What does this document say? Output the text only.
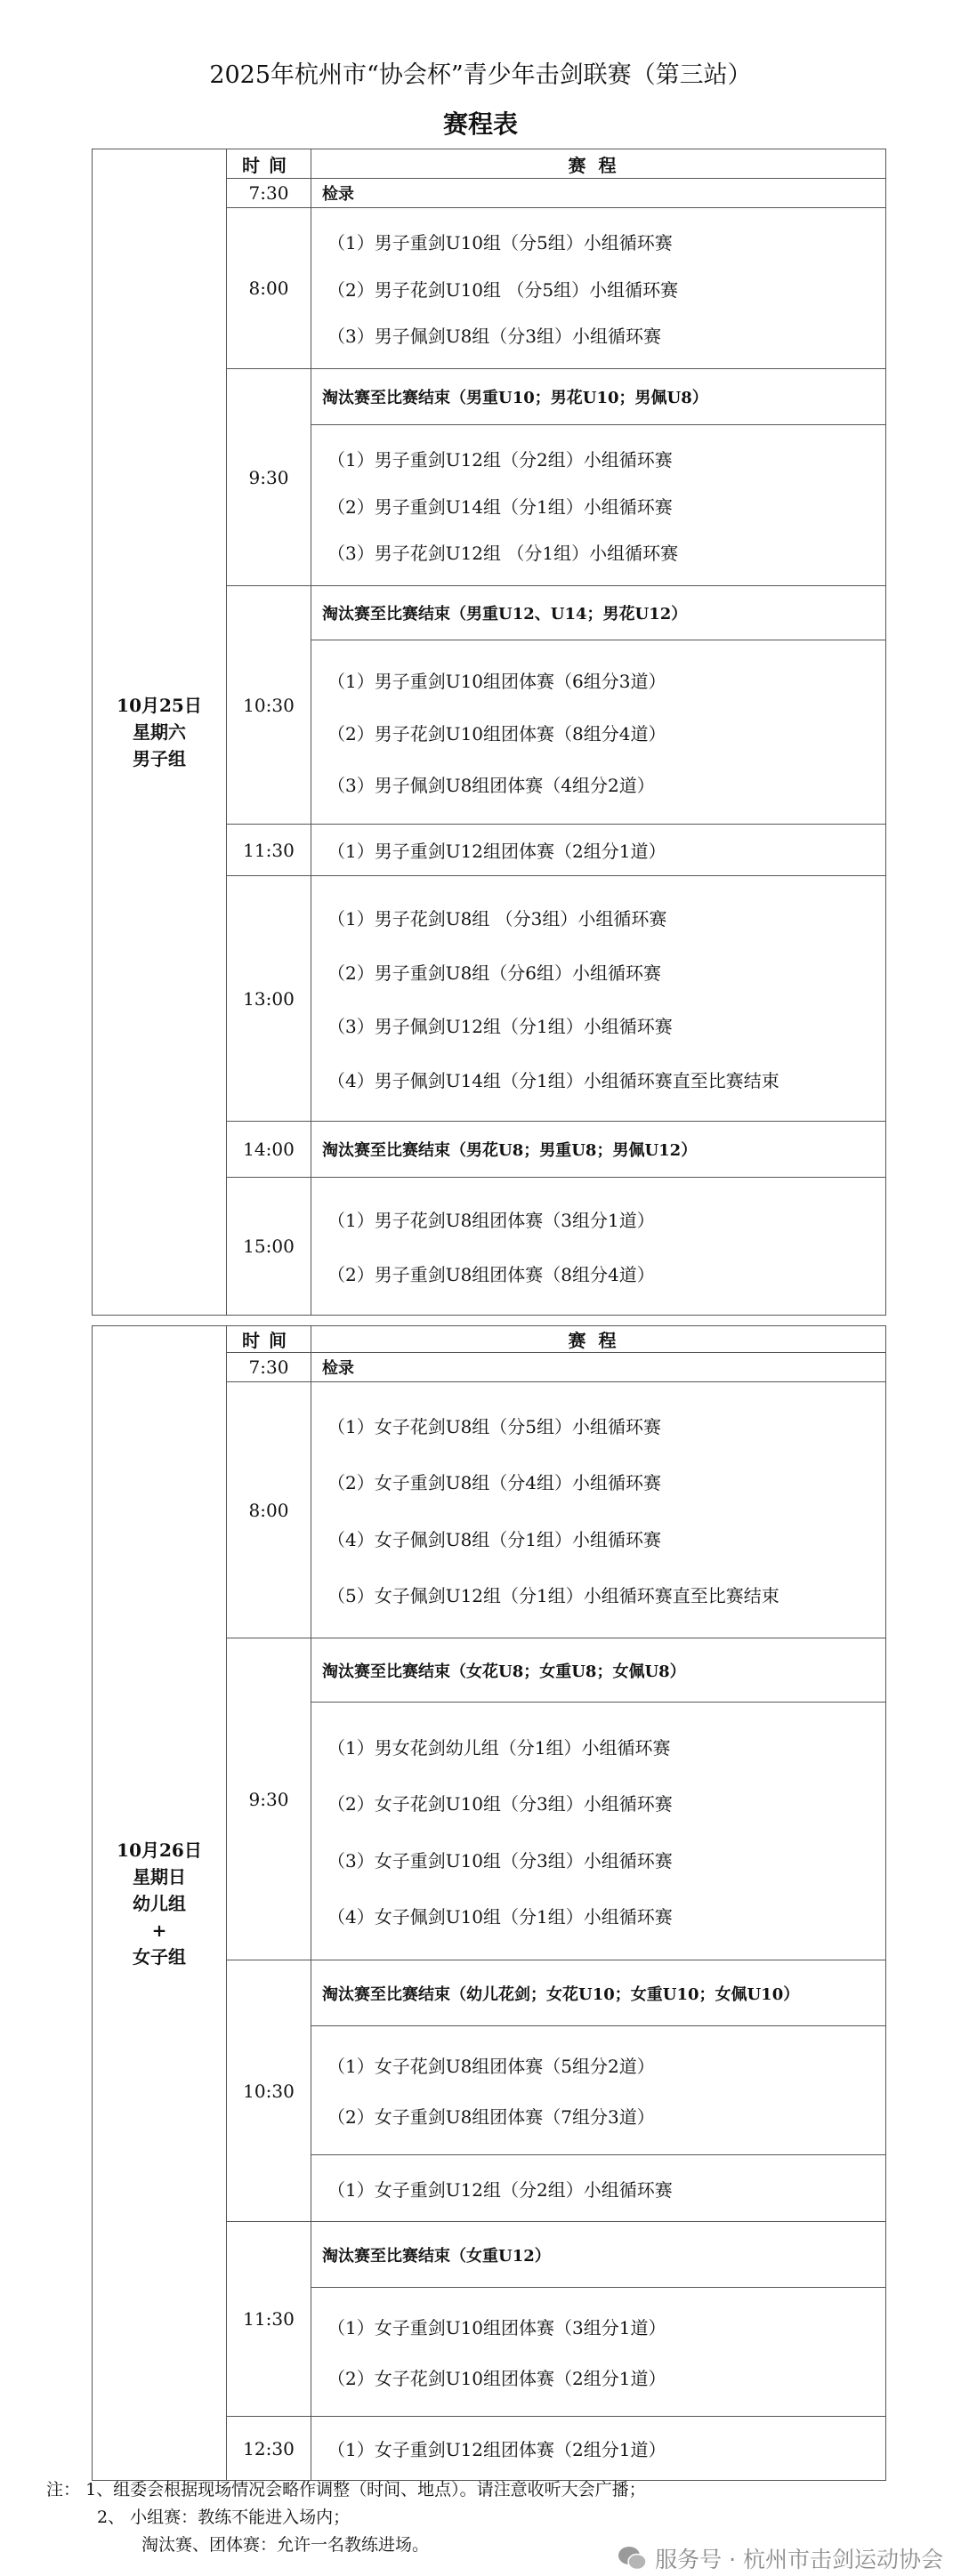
2025年杭州市“协会杯”青少年击剑联赛（第三站）
赛程表
10月25日
星期六
男子组	时间	赛程
	7:30	检录

	8:00	（1）男子重剑U10组（分5组）小组循环赛
（2）男子花剑U10组 （分5组）小组循环赛
（3）男子佩剑U8组（分3组）小组循环赛

	9:30	淘汰赛至比赛结束（男重U10；男花U10；男佩U8）

		（1）男子重剑U12组（分2组）小组循环赛
（2）男子重剑U14组（分1组）小组循环赛
（3）男子花剑U12组 （分1组）小组循环赛

	10:30	淘汰赛至比赛结束（男重U12、U14；男花U12）

		（1）男子重剑U10组团体赛（6组分3道）
（2）男子花剑U10组团体赛（8组分4道）
（3）男子佩剑U8组团体赛（4组分2道）

	11:30	（1）男子重剑U12组团体赛（2组分1道）

	13:00	（1）男子花剑U8组 （分3组）小组循环赛
（2）男子重剑U8组（分6组）小组循环赛
（3）男子佩剑U12组（分1组）小组循环赛
（4）男子佩剑U14组（分1组）小组循环赛直至比赛结束

	14:00	淘汰赛至比赛结束（男花U8；男重U8；男佩U12）

	15:00	（1）男子花剑U8组团体赛（3组分1道）
（2）男子重剑U8组团体赛（8组分4道）
10月26日
星期日
幼儿组
+
女子组	时间	赛程
	7:30	检录

	8:00	（1）女子花剑U8组（分5组）小组循环赛
（2）女子重剑U8组（分4组）小组循环赛
（4）女子佩剑U8组（分1组）小组循环赛
（5）女子佩剑U12组（分1组）小组循环赛直至比赛结束

	9:30	淘汰赛至比赛结束（女花U8；女重U8；女佩U8）

		（1）男女花剑幼儿组（分1组）小组循环赛
（2）女子花剑U10组（分3组）小组循环赛
（3）女子重剑U10组（分3组）小组循环赛
（4）女子佩剑U10组（分1组）小组循环赛

	10:30	淘汰赛至比赛结束（幼儿花剑；女花U10；女重U10；女佩U10）

		（1）女子花剑U8组团体赛（5组分2道）
（2）女子重剑U8组团体赛（7组分3道）

		（1）女子重剑U12组（分2组）小组循环赛

	11:30	淘汰赛至比赛结束（女重U12）

		（1）女子重剑U10组团体赛（3组分1道）
（2）女子花剑U10组团体赛（2组分1道）

	12:30	（1）女子重剑U12组团体赛（2组分1道）
注： 1、组委会根据现场情况会略作调整（时间、地点）。请注意收听大会广播；
2、 小组赛：教练不能进入场内；
淘汰赛、团体赛：允许一名教练进场。
服务号 · 杭州市击剑运动协会
